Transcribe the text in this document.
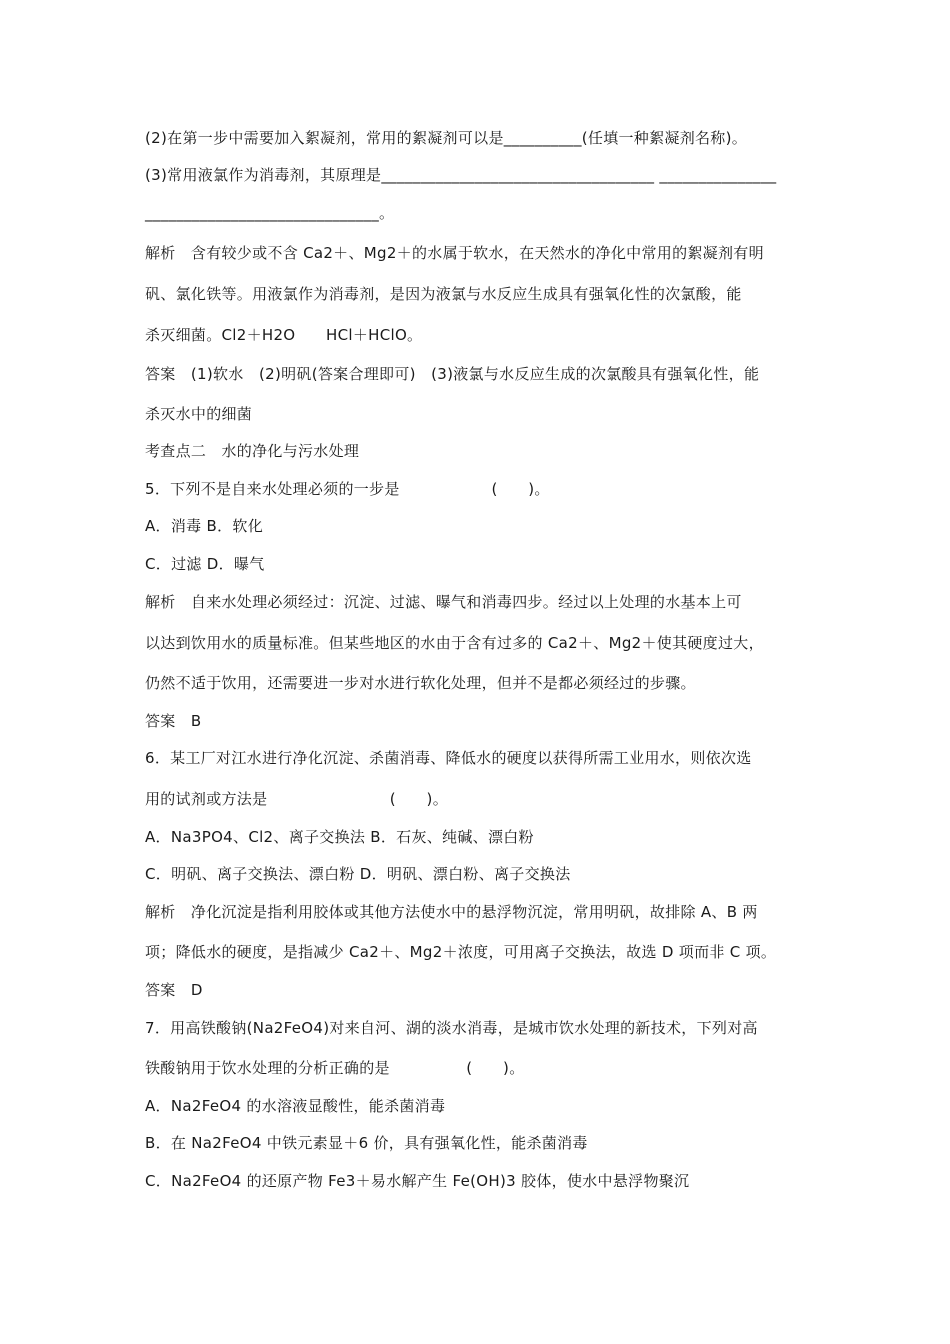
(2)在第一步中需要加入絮凝剂，常用的絮凝剂可以是__________(任填一种絮凝剂名称)。
(3)常用液氯作为消毒剂，其原理是___________________________________ _______________
______________________________。
解析　含有较少或不含 Ca2＋、Mg2＋的水属于软水，在天然水的净化中常用的絮凝剂有明
矾、氯化铁等。用液氯作为消毒剂，是因为液氯与水反应生成具有强氧化性的次氯酸，能
杀灭细菌。Cl2＋H2O　　HCl＋HClO。
答案　(1)软水　(2)明矾(答案合理即可)　(3)液氯与水反应生成的次氯酸具有强氧化性，能
杀灭水中的细菌
考查点二　水的净化与污水处理
5．下列不是自来水处理必须的一步是　　　　　　(　　)。
A．消毒 B．软化
C．过滤 D．曝气
解析　自来水处理必须经过：沉淀、过滤、曝气和消毒四步。经过以上处理的水基本上可
以达到饮用水的质量标准。但某些地区的水由于含有过多的 Ca2＋、Mg2＋使其硬度过大，
仍然不适于饮用，还需要进一步对水进行软化处理，但并不是都必须经过的步骤。
答案　B
6．某工厂对江水进行净化沉淀、杀菌消毒、降低水的硬度以获得所需工业用水，则依次选
用的试剂或方法是　　　　　　　　(　　)。
A．Na3PO4、Cl2、离子交换法 B．石灰、纯碱、漂白粉
C．明矾、离子交换法、漂白粉 D．明矾、漂白粉、离子交换法
解析　净化沉淀是指利用胶体或其他方法使水中的悬浮物沉淀，常用明矾，故排除 A、B 两
项；降低水的硬度，是指减少 Ca2＋、Mg2＋浓度，可用离子交换法，故选 D 项而非 C 项。
答案　D
7．用高铁酸钠(Na2FeO4)对来自河、湖的淡水消毒，是城市饮水处理的新技术，下列对高
铁酸钠用于饮水处理的分析正确的是　　　　　(　　)。
A．Na2FeO4 的水溶液显酸性，能杀菌消毒
B．在 Na2FeO4 中铁元素显＋6 价，具有强氧化性，能杀菌消毒
C．Na2FeO4 的还原产物 Fe3＋易水解产生 Fe(OH)3 胶体，使水中悬浮物聚沉
